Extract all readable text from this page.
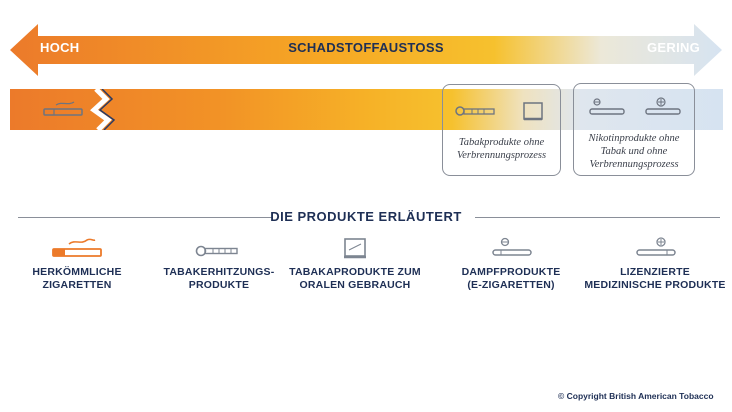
HOCH	SCHADSTOFFAUSTOSS	GERING
Tabakprodukte ohne
Verbrennungsprozess
Nikotinprodukte ohne
Tabak und ohne
Verbrennungsprozess
DIE PRODUKTE ERLÄUTERT
HERKÖMMLICHE
ZIGARETTEN
TABAKERHITZUNGS-
PRODUKTE
TABAKAPRODUKTE ZUM
ORALEN GEBRAUCH
DAMPFPRODUKTE
(E-ZIGARETTEN)
LIZENZIERTE
MEDIZINISCHE PRODUKTE
© Copyright British American Tobacco
